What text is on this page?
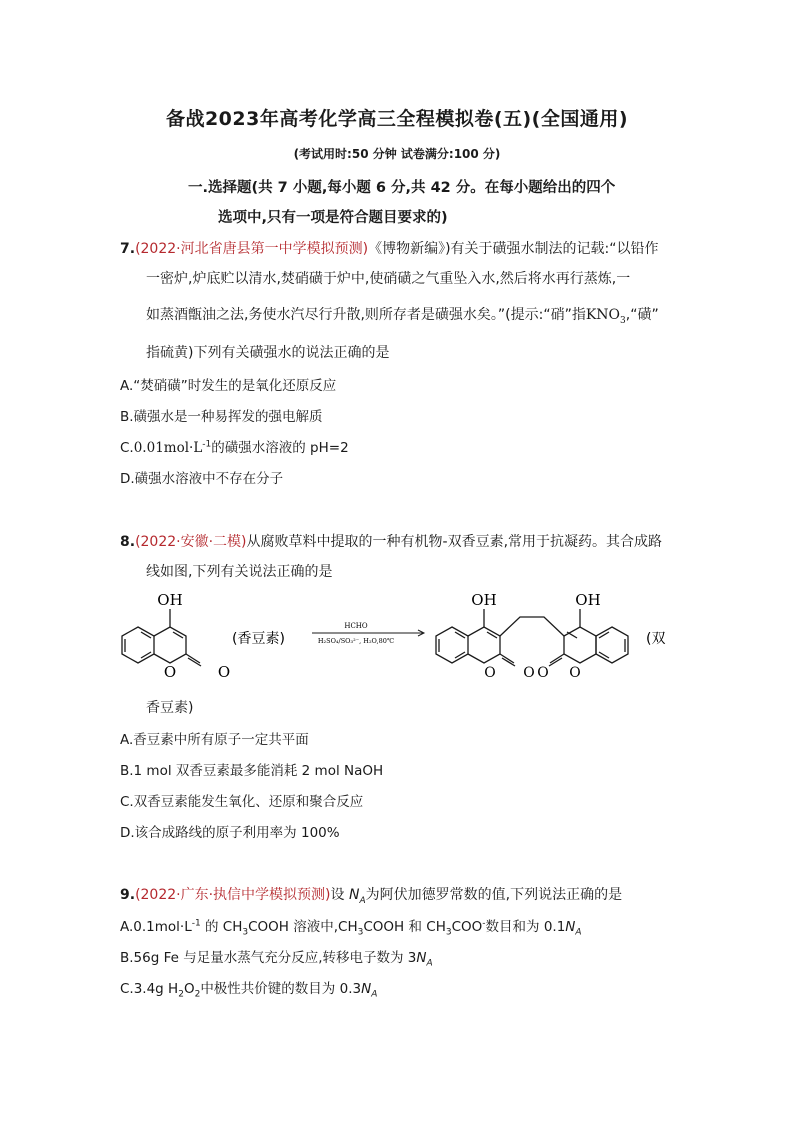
备战2023年高考化学高三全程模拟卷(五)(全国通用)
(考试用时:50 分钟 试卷满分:100 分)
一.选择题(共 7 小题,每小题 6 分,共 42 分。在每小题给出的四个
选项中,只有一项是符合题目要求的)
7.(2022·河北省唐县第一中学模拟预测)《博物新编》)有关于磺强水制法的记载:“以铅作
一密炉,炉底贮以清水,焚硝磺于炉中,使硝磺之气重坠入水,然后将水再行蒸炼,一
如蒸酒甑油之法,务使水汽尽行升散,则所存者是磺强水矣。”(提示:“硝”指$KNO_3,“$磺”
指硫黄)下列有关磺强水的说法正确的是
A.“焚硝磺”时发生的是氧化还原反应
B.磺强水是一种易挥发的强电解质
$C.0.01mol\cdot L^{-1}$的磺强水溶液的 pH=2
D.磺强水溶液中不存在分子
8.(2022·安徽·二模)从腐败草料中提取的一种有机物-双香豆素,常用于抗凝药。其合成路
线如图,下列有关说法正确的是
OH
O	O
(香豆素)
HCHO
H₂SO₄/SO₃²⁻, H₂O,80℃
OH	OH
O O O O
(双
香豆素)
A.香豆素中所有原子一定共平面
B.1 mol 双香豆素最多能消耗 2 mol NaOH
C.双香豆素能发生氧化、还原和聚合反应
D.该合成路线的原子利用率为 100%
9.(2022·广东·执信中学模拟预测)设 $N_A$为阿伏加德罗常数的值,下列说法正确的是
$A.0.1mol\cdot L^{-1}$ 的 $CH_3COOH$ 溶液中$,CH_3COOH$ 和 $CH_3COO^-$数目和为 $0.1N_A$
B.56g Fe 与足量水蒸气充分反应,转移电子数为 $3N_A$
C.3.4g $H_2O_2$中极性共价键的数目为 $0.3N_A$
